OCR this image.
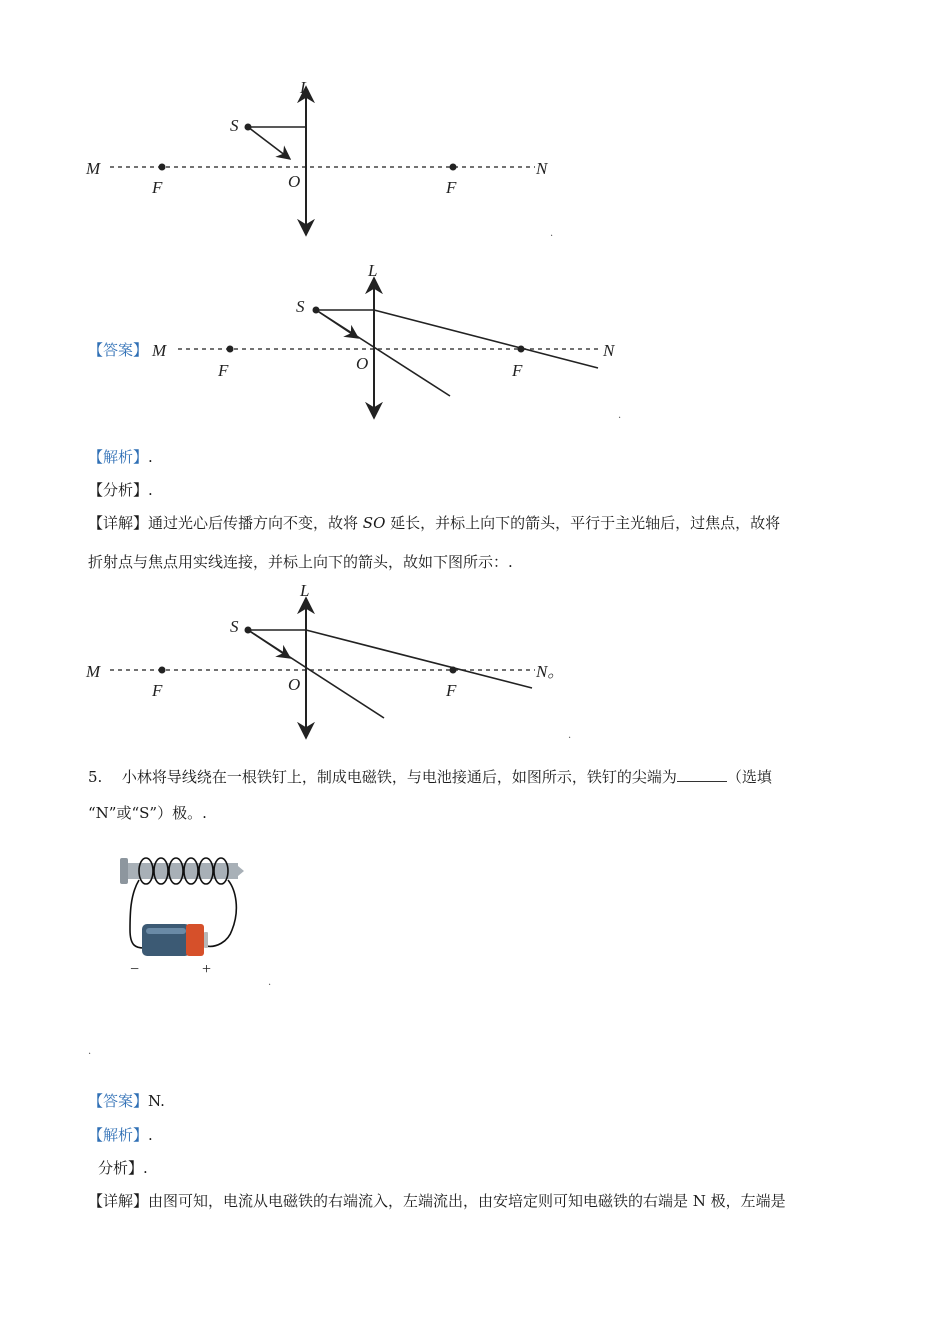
L
S
M	N
F	O	F
.
【答案】
L
S
M	N
F	O	F
.
【解析】.
【分析】.
【详解】通过光心后传播方向不变，故将 SO 延长，并标上向下的箭头，平行于主光轴后，过焦点，故将
折射点与焦点用实线连接，并标上向下的箭头，故如下图所示：.
L
S
M	N。
F	O	F
.
5. 小林将导线绕在一根铁钉上，制成电磁铁，与电池接通后，如图所示，铁钉的尖端为	（选填
“N”或“S”）极。.
−	+
.
.
【答案】N.
【解析】.
分析】.
【详解】由图可知，电流从电磁铁的右端流入，左端流出，由安培定则可知电磁铁的右端是 N 极，左端是
